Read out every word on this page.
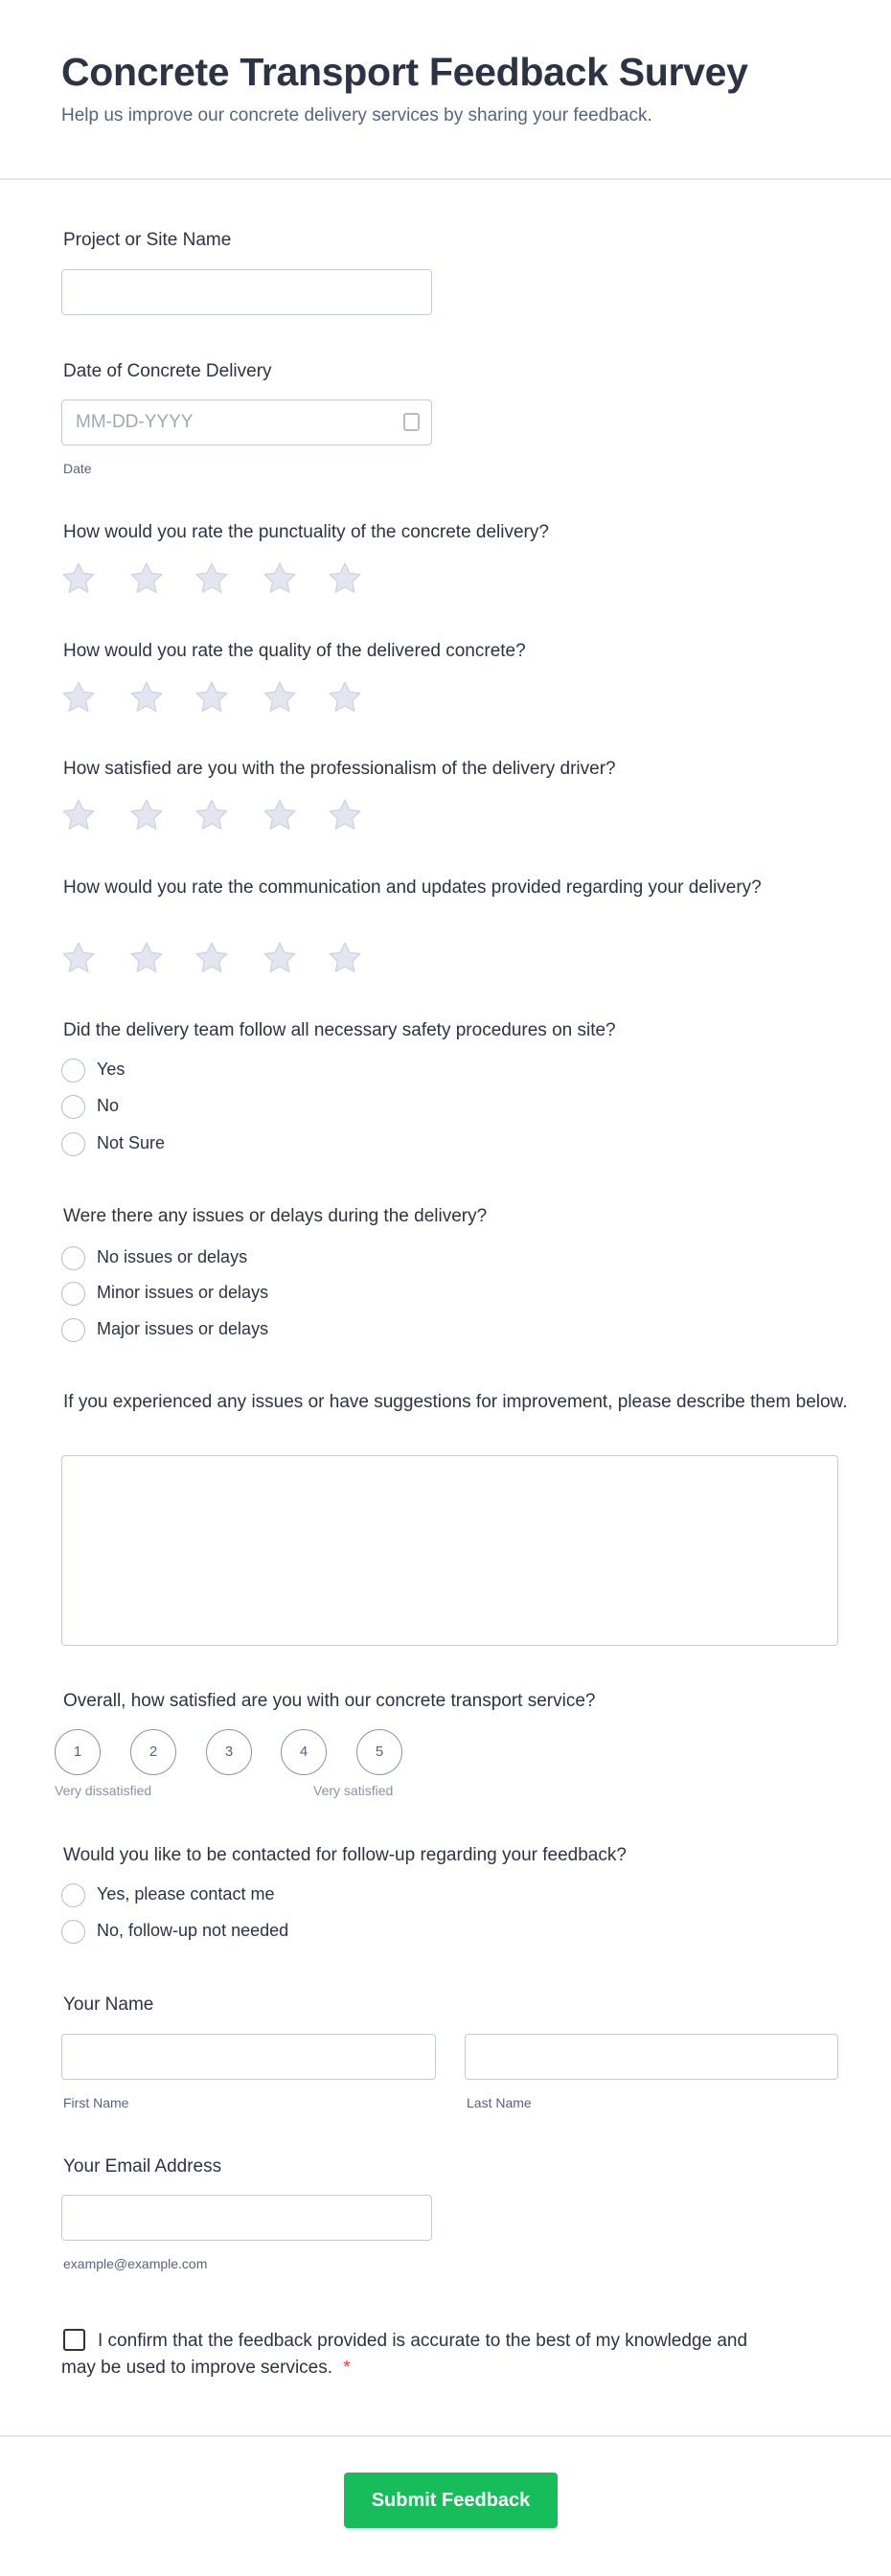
Concrete Transport Feedback Survey
Help us improve our concrete delivery services by sharing your feedback.
Project or Site Name
Date of Concrete Delivery
MM-DD-YYYY
Date
How would you rate the punctuality of the concrete delivery?
How would you rate the quality of the delivered concrete?
How satisfied are you with the professionalism of the delivery driver?
How would you rate the communication and updates provided regarding your delivery?
Did the delivery team follow all necessary safety procedures on site?
Yes
No
Not Sure
Were there any issues or delays during the delivery?
No issues or delays
Minor issues or delays
Major issues or delays
If you experienced any issues or have suggestions for improvement, please describe them below.
Overall, how satisfied are you with our concrete transport service?
1	2	3	4	5
Very dissatisfied	Very satisfied
Would you like to be contacted for follow-up regarding your feedback?
Yes, please contact me
No, follow-up not needed
Your Name
First Name	Last Name
Your Email Address
example@example.com
I confirm that the feedback provided is accurate to the best of my knowledge and may be used to improve services. *
Submit Feedback
